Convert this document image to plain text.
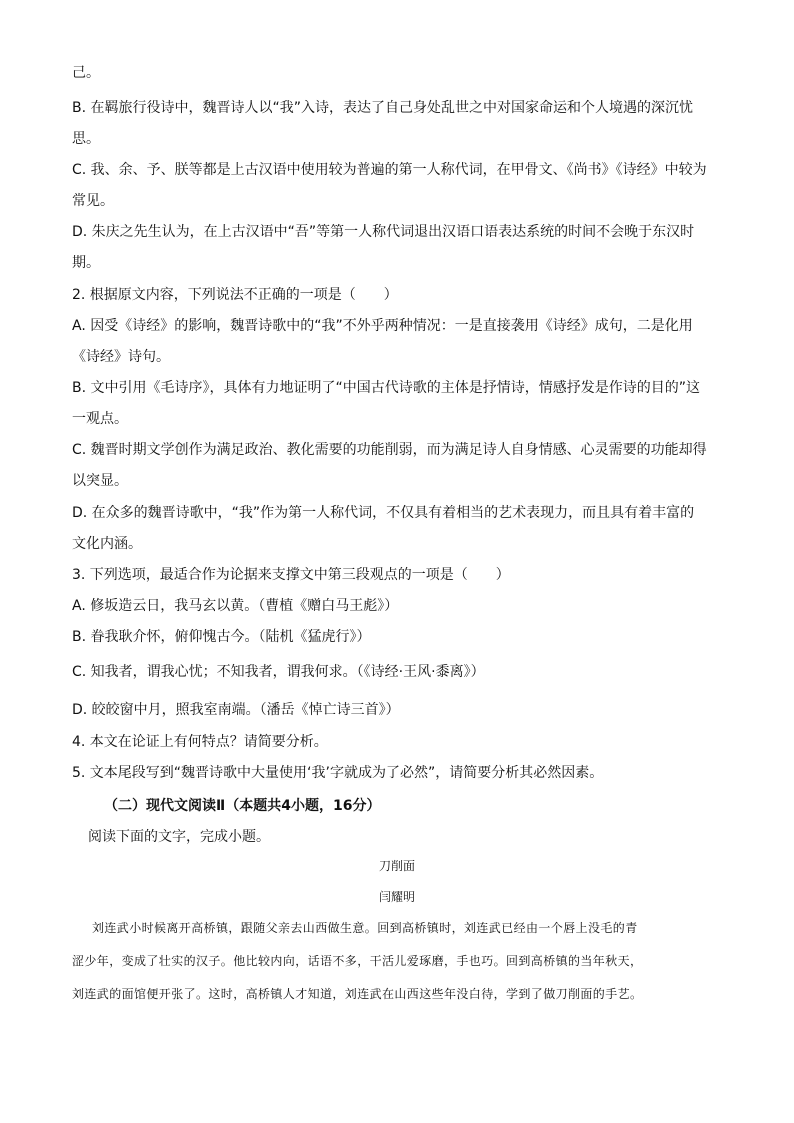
己。
B. 在羁旅行役诗中，魏晋诗人以“我”入诗，表达了自己身处乱世之中对国家命运和个人境遇的深沉忧
思。
C. 我、余、予、朕等都是上古汉语中使用较为普遍的第一人称代词，在甲骨文、《尚书》《诗经》中较为
常见。
D. 朱庆之先生认为，在上古汉语中“吾”等第一人称代词退出汉语口语表达系统的时间不会晚于东汉时
期。
2. 根据原文内容，下列说法不正确的一项是（　　）
A. 因受《诗经》的影响，魏晋诗歌中的“我”不外乎两种情况：一是直接袭用《诗经》成句，二是化用
《诗经》诗句。
B. 文中引用《毛诗序》，具体有力地证明了“中国古代诗歌的主体是抒情诗，情感抒发是作诗的目的”这
一观点。
C. 魏晋时期文学创作为满足政治、教化需要的功能削弱，而为满足诗人自身情感、心灵需要的功能却得
以突显。
D. 在众多的魏晋诗歌中，“我”作为第一人称代词，不仅具有着相当的艺术表现力，而且具有着丰富的
文化内涵。
3. 下列选项，最适合作为论据来支撑文中第三段观点的一项是（　　）
A. 修坂造云日，我马玄以黄。（曹植《赠白马王彪》）
B. 眷我耿介怀，俯仰愧古今。（陆机《猛虎行》）
C. 知我者，谓我心忧；不知我者，谓我何求。（《诗经·王风·黍离》）
D. 皎皎窗中月，照我室南端。（潘岳《悼亡诗三首》）
4. 本文在论证上有何特点？请简要分析。
5. 文本尾段写到“魏晋诗歌中大量使用‘我’字就成为了必然”，请简要分析其必然因素。
（二）现代文阅读Ⅱ（本题共4小题，16分）
阅读下面的文字，完成小题。
刀削面
闫耀明
刘连武小时候离开高桥镇，跟随父亲去山西做生意。回到高桥镇时，刘连武已经由一个唇上没毛的青
涩少年，变成了壮实的汉子。他比较内向，话语不多，干活儿爱琢磨，手也巧。回到高桥镇的当年秋天，
刘连武的面馆便开张了。这时，高桥镇人才知道，刘连武在山西这些年没白待，学到了做刀削面的手艺。
